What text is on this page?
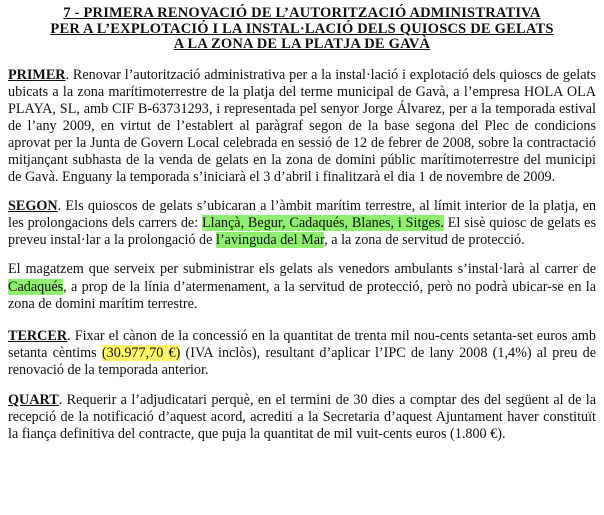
7 - PRIMERA RENOVACIÓ DE L’AUTORITZACIÓ ADMINISTRATIVA
PER A L’EXPLOTACIÓ I LA INSTAL·LACIÓ DELS QUIOSCS DE GELATS
A LA ZONA DE LA PLATJA DE GAVÀ

PRIMER. Renovar l’autorització administrativa per a la instal·lació i explotació dels quioscs de gelats ubicats a la zona marítimoterrestre de la platja del terme municipal de Gavà, a l’empresa HOLA OLA PLAYA, SL, amb CIF B-63731293, i representada pel senyor Jorge Álvarez, per a la temporada estival de l’any 2009, en virtut de l’establert al paràgraf segon de la base segona del Plec de condicions aprovat per la Junta de Govern Local celebrada en sessió de 12 de febrer de 2008, sobre la contractació mitjançant subhasta de la venda de gelats en la zona de domini públic marítimoterrestre del municipi de Gavà. Enguany la temporada s’iniciarà el 3 d’abril i finalitzarà el dia 1 de novembre de 2009.

SEGON. Els quioscos de gelats s’ubicaran a l’àmbit marítim terrestre, al límit interior de la platja, en les prolongacions dels carrers de: Llançà, Begur, Cadaqués, Blanes, i Sitges. El sisè quiosc de gelats es preveu instal·lar a la prolongació de l’avinguda del Mar, a la zona de servitud de protecció.

El magatzem que serveix per subministrar els gelats als venedors ambulants s’instal·larà al carrer de Cadaqués, a prop de la línia d’atermenament, a la servitud de protecció, però no podrà ubicar-se en la zona de domini marítim terrestre.

TERCER. Fixar el cànon de la concessió en la quantitat de trenta mil nou-cents setanta-set euros amb setanta cèntims (30.977,70 €) (IVA inclòs), resultant d’aplicar l’IPC de lany 2008 (1,4%) al preu de renovació de la temporada anterior.

QUART. Requerir a l’adjudicatari perquè, en el termini de 30 dies a comptar des del següent al de la recepció de la notificació d’aquest acord, acrediti a la Secretaria d’aquest Ajuntament haver constituït la fiança definitiva del contracte, que puja la quantitat de mil vuit-cents euros (1.800 €).
